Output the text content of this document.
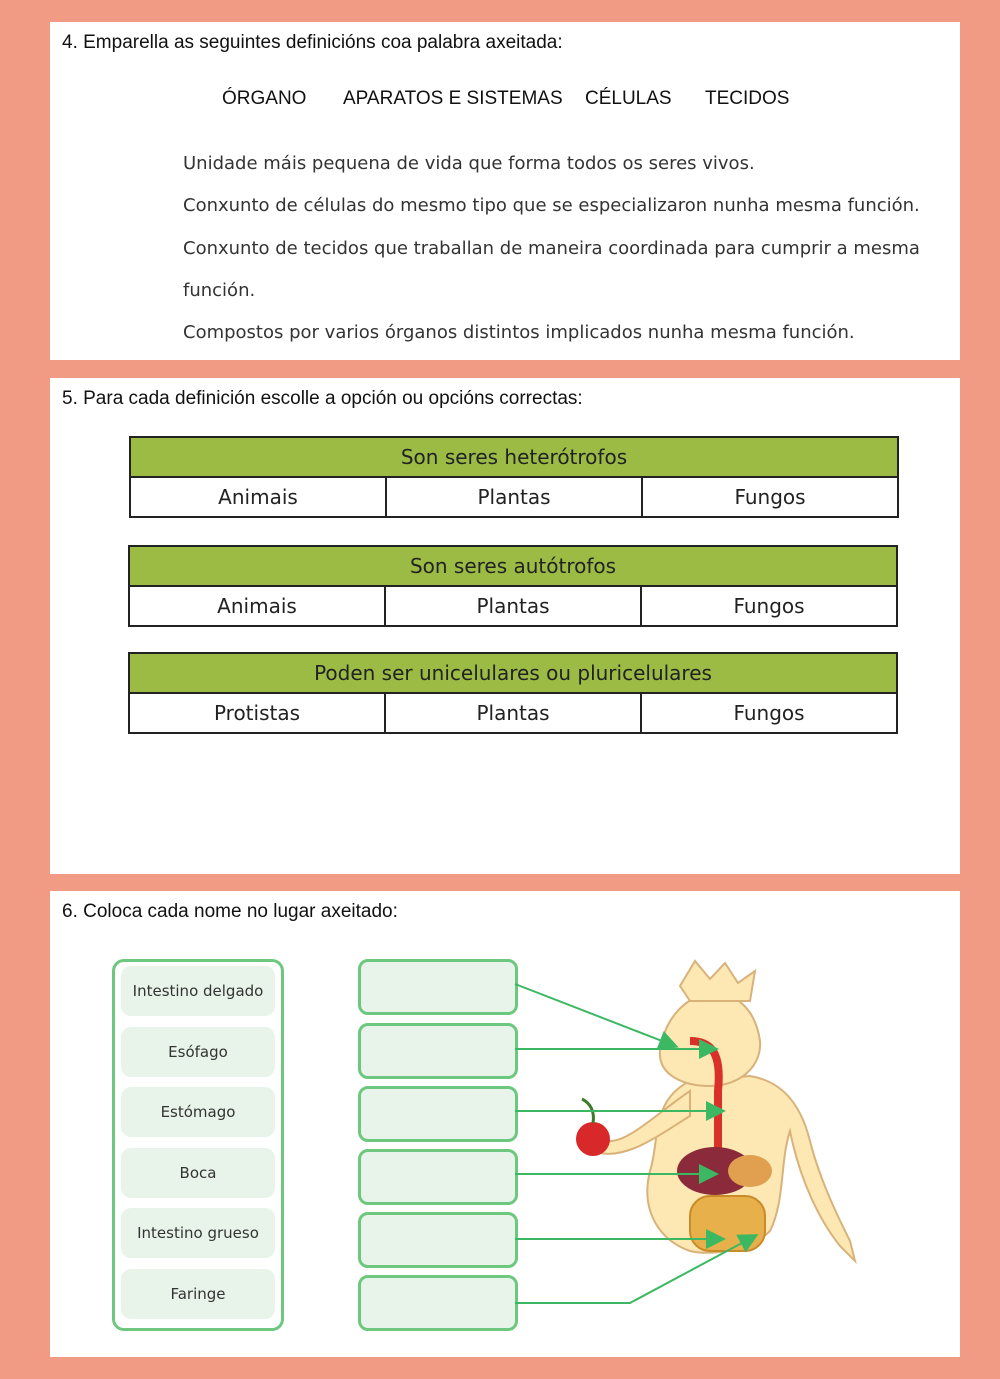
4. Emparella as seguintes definicións coa palabra axeitada:
ÓRGANO APARATOS E SISTEMAS CÉLULAS TECIDOS
Unidade máis pequena de vida que forma todos os seres vivos.
Conxunto de células do mesmo tipo que se especializaron nunha mesma función.
Conxunto de tecidos que traballan de maneira coordinada para cumprir a mesma
función.
Compostos por varios órganos distintos implicados nunha mesma función.
5. Para cada definición escolle a opción ou opcións correctas:
Son seres heterótrofos
Animais	Plantas	Fungos
Son seres autótrofos
Animais	Plantas	Fungos
Poden ser unicelulares ou pluricelulares
Protistas	Plantas	Fungos
6. Coloca cada nome no lugar axeitado:
Intestino delgado
Esófago
Estómago
Boca
Intestino grueso
Faringe
